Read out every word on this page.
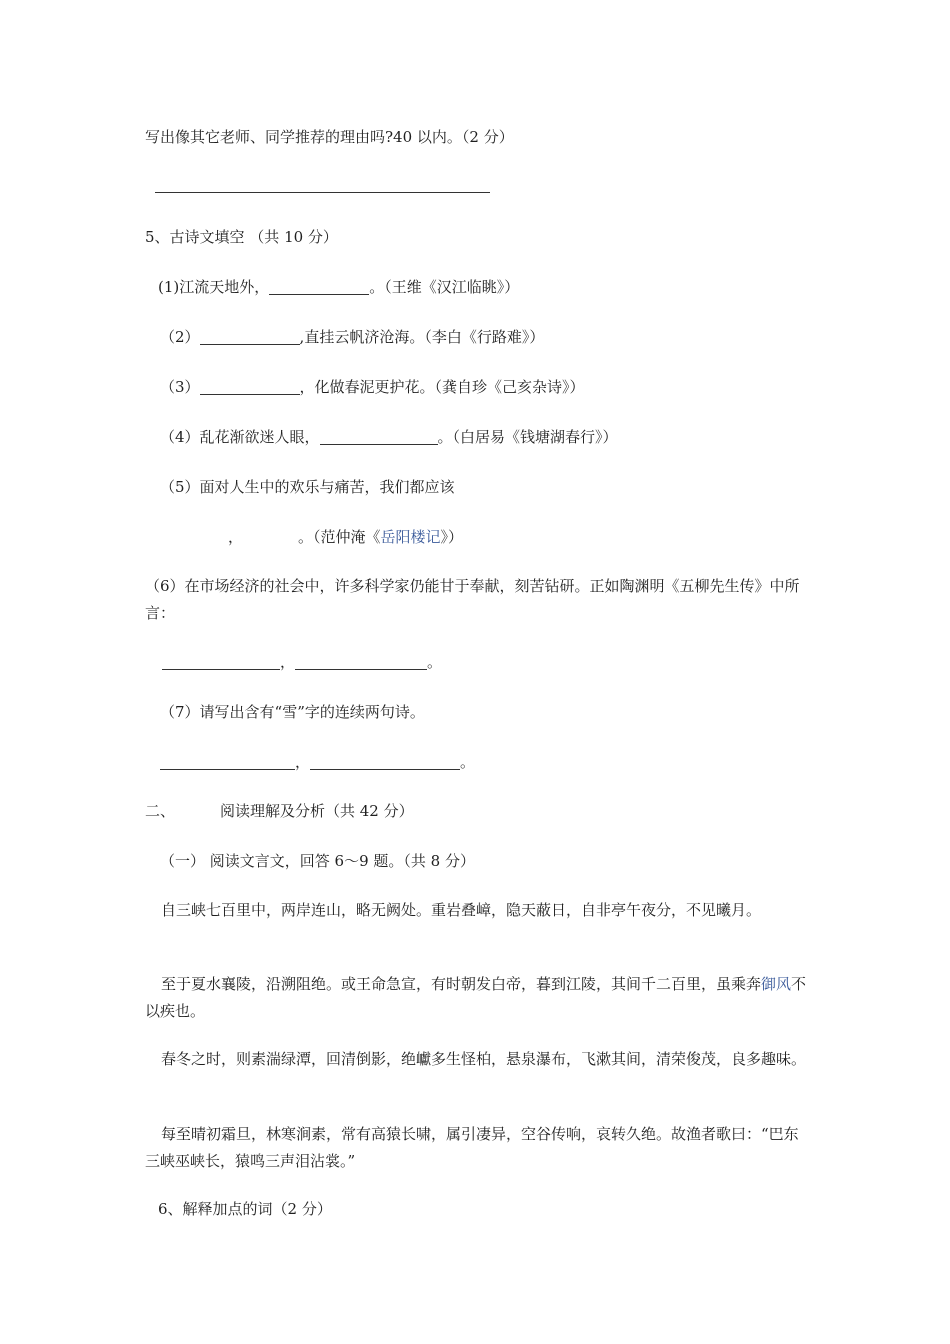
写出像其它老师、同学推荐的理由吗?40 以内。（2 分）
5、古诗文填空 （共 10 分）
(1)江流天地外，	。（王维《汉江临眺》）
（2）	,直挂云帆济沧海。（李白《行路难》）
（3）	，化做春泥更护花。（龚自珍《己亥杂诗》）
（4）乱花渐欲迷人眼，	。（白居易《钱塘湖春行》）
（5）面对人生中的欢乐与痛苦，我们都应该
，	。（范仲淹《岳阳楼记》）
（6）在市场经济的社会中，许多科学家仍能甘于奉献，刻苦钻研。正如陶渊明《五柳先生传》中所言：
，	。
（7）请写出含有“雪”字的连续两句诗。
，	。
二、	阅读理解及分析（共 42 分）
（一） 阅读文言文，回答 6～9 题。（共 8 分）
自三峡七百里中，两岸连山，略无阙处。重岩叠嶂，隐天蔽日，自非亭午夜分，不见曦月。
至于夏水襄陵，沿溯阻绝。或王命急宣，有时朝发白帝，暮到江陵，其间千二百里，虽乘奔御风不以疾也。
春冬之时，则素湍绿潭，回清倒影，绝巘多生怪柏，悬泉瀑布，飞漱其间，清荣俊茂，良多趣味。
每至晴初霜旦，林寒涧素，常有高猿长啸，属引凄异，空谷传响，哀转久绝。故渔者歌曰：“巴东三峡巫峡长，猿鸣三声泪沾裳。”
6、解释加点的词（2 分）
